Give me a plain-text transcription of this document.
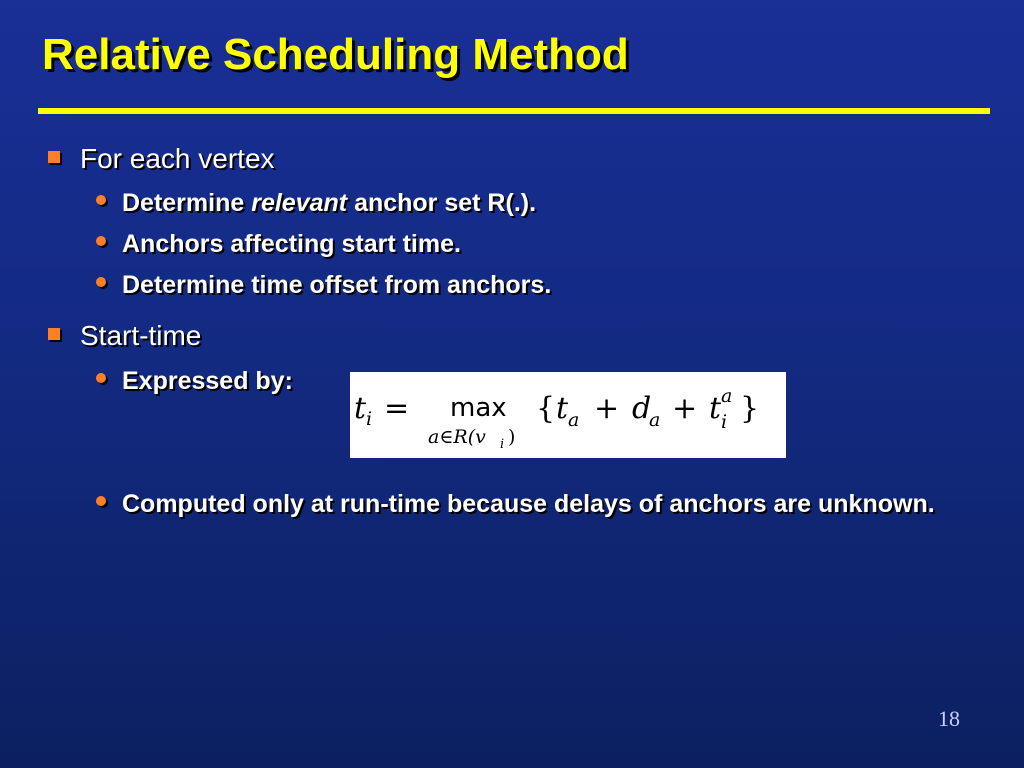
Relative Scheduling Method
For each vertex
Determine relevant anchor set R(.).
Anchors affecting start time.
Determine time offset from anchors.
Start-time
Expressed by:
t i = max
a∈R(v i )
{ t a + d
a + t a
i }
Computed only at run-time because delays of anchors are unknown.
18
